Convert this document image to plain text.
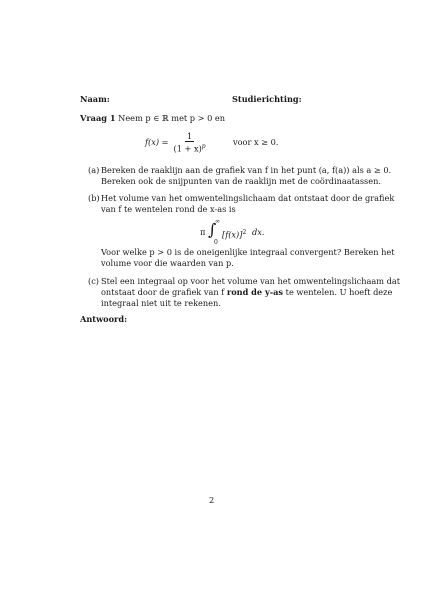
Naam:	Studierichting:
Vraag 1 Neem p ∈ ℝ met p > 0 en
$f(x) = \frac{1}{(1 + x)^p}$	voor x ≥ 0.
(a) Bereken de raaklijn aan de grafiek van f in het punt (a, f(a)) als a ≥ 0.
Bereken ook de snijpunten van de raaklijn met de coördinaatassen.
(b) Het volume van het omwentelingslichaam dat ontstaat door de grafiek
van f te wentelen rond de x-as is
π ∫
∞
0
$[f(x)]^2$ dx.
Voor welke p > 0 is de oneigenlijke integraal convergent? Bereken het
volume voor die waarden van p.
(c) Stel een integraal op voor het volume van het omwentelingslichaam dat
ontstaat door de grafiek van f rond de y-as te wentelen. U hoeft deze
integraal niet uit te rekenen.
Antwoord:
2
